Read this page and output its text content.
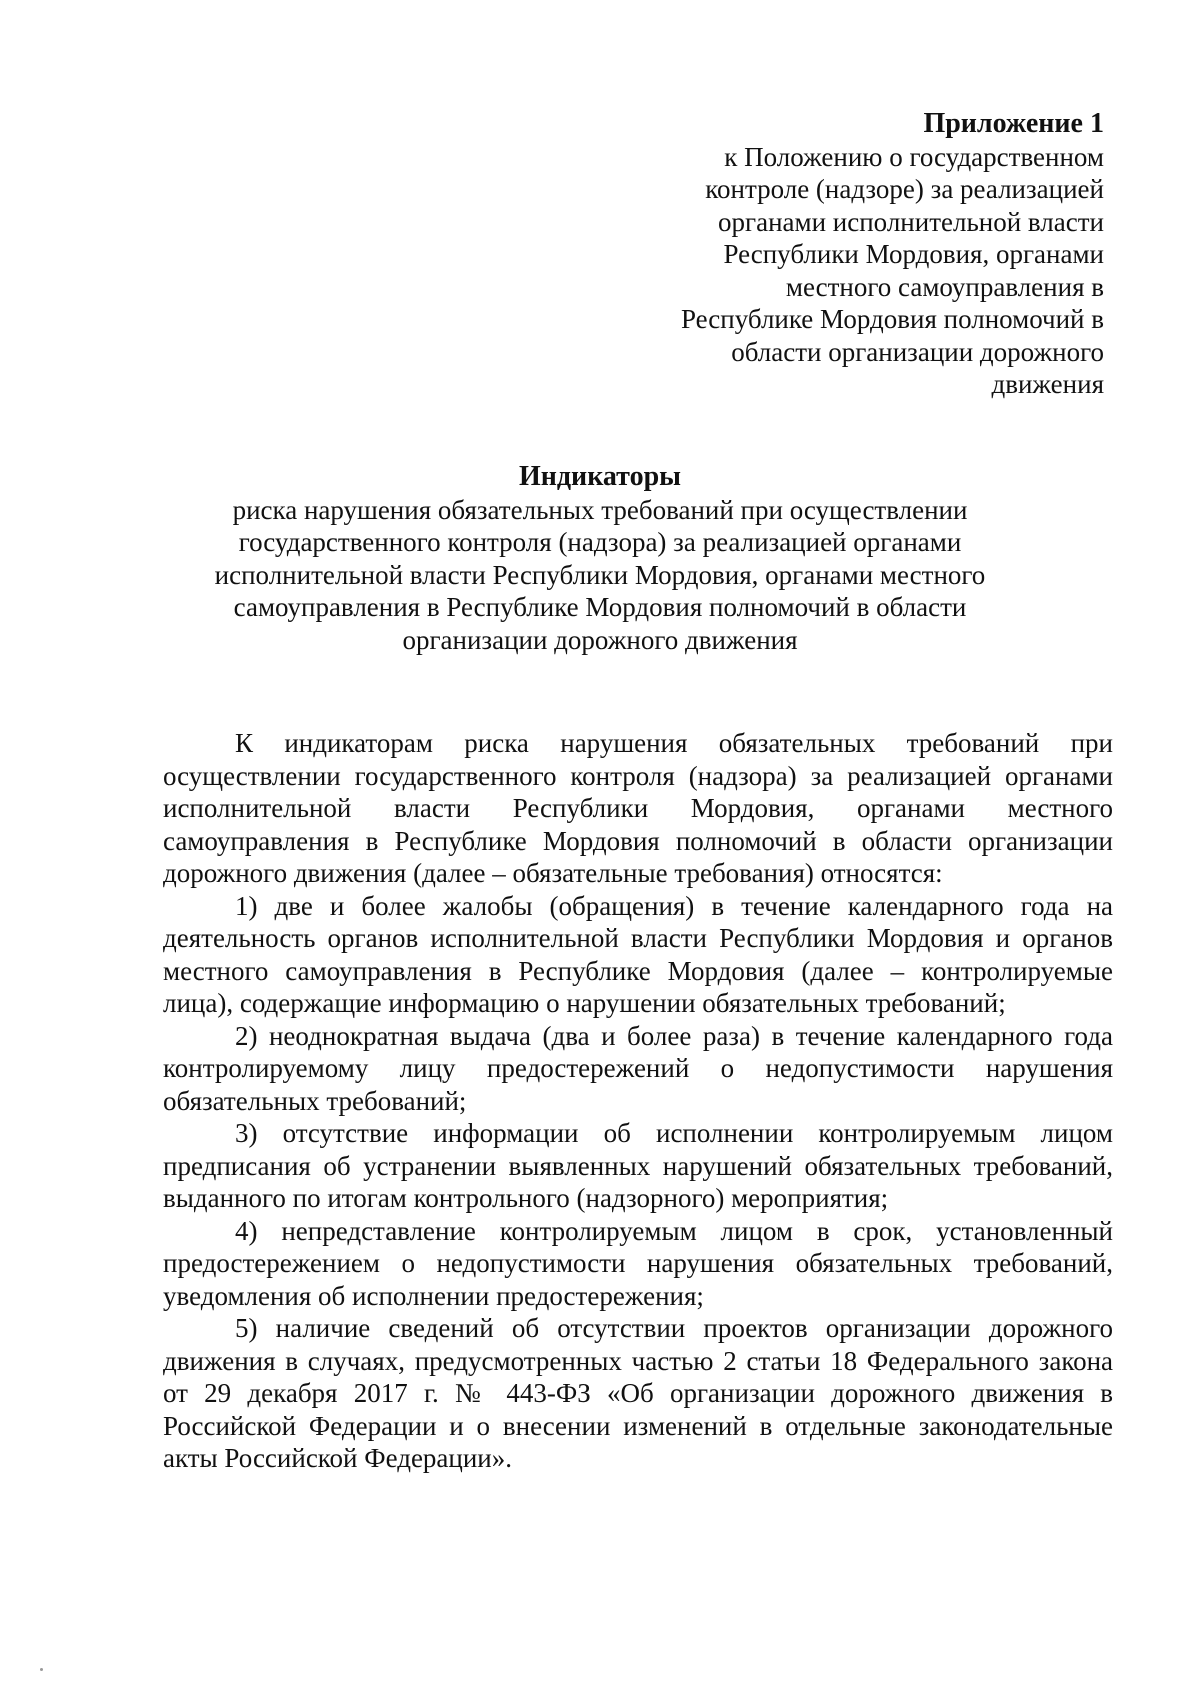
Приложение 1
к Положению о государственном
контроле (надзоре) за реализацией
органами исполнительной власти
Республики Мордовия, органами
местного самоуправления в
Республике Мордовия полномочий в
области организации дорожного
движения
Индикаторы
риска нарушения обязательных требований при осуществлении
государственного контроля (надзора) за реализацией органами
исполнительной власти Республики Мордовия, органами местного
самоуправления в Республике Мордовия полномочий в области
организации дорожного движения

К индикаторам риска нарушения обязательных требований при осуществлении государственного контроля (надзора) за реализацией органами исполнительной власти Республики Мордовия, органами местного самоуправления в Республике Мордовия полномочий в области организации дорожного движения (далее – обязательные требования) относятся:

1) две и более жалобы (обращения) в течение календарного года на деятельность органов исполнительной власти Республики Мордовия и органов местного самоуправления в Республике Мордовия (далее – контролируемые лица), содержащие информацию о нарушении обязательных требований;

2) неоднократная выдача (два и более раза) в течение календарного года контролируемому лицу предостережений о недопустимости нарушения обязательных требований;

3) отсутствие информации об исполнении контролируемым лицом предписания об устранении выявленных нарушений обязательных требований, выданного по итогам контрольного (надзорного) мероприятия;

4) непредставление контролируемым лицом в срок, установленный предостережением о недопустимости нарушения обязательных требований, уведомления об исполнении предостережения;

5) наличие сведений об отсутствии проектов организации дорожного движения в случаях, предусмотренных частью 2 статьи 18 Федерального закона от 29 декабря 2017 г. № 443-ФЗ «Об организации дорожного движения в Российской Федерации и о внесении изменений в отдельные законодательные акты Российской Федерации».
